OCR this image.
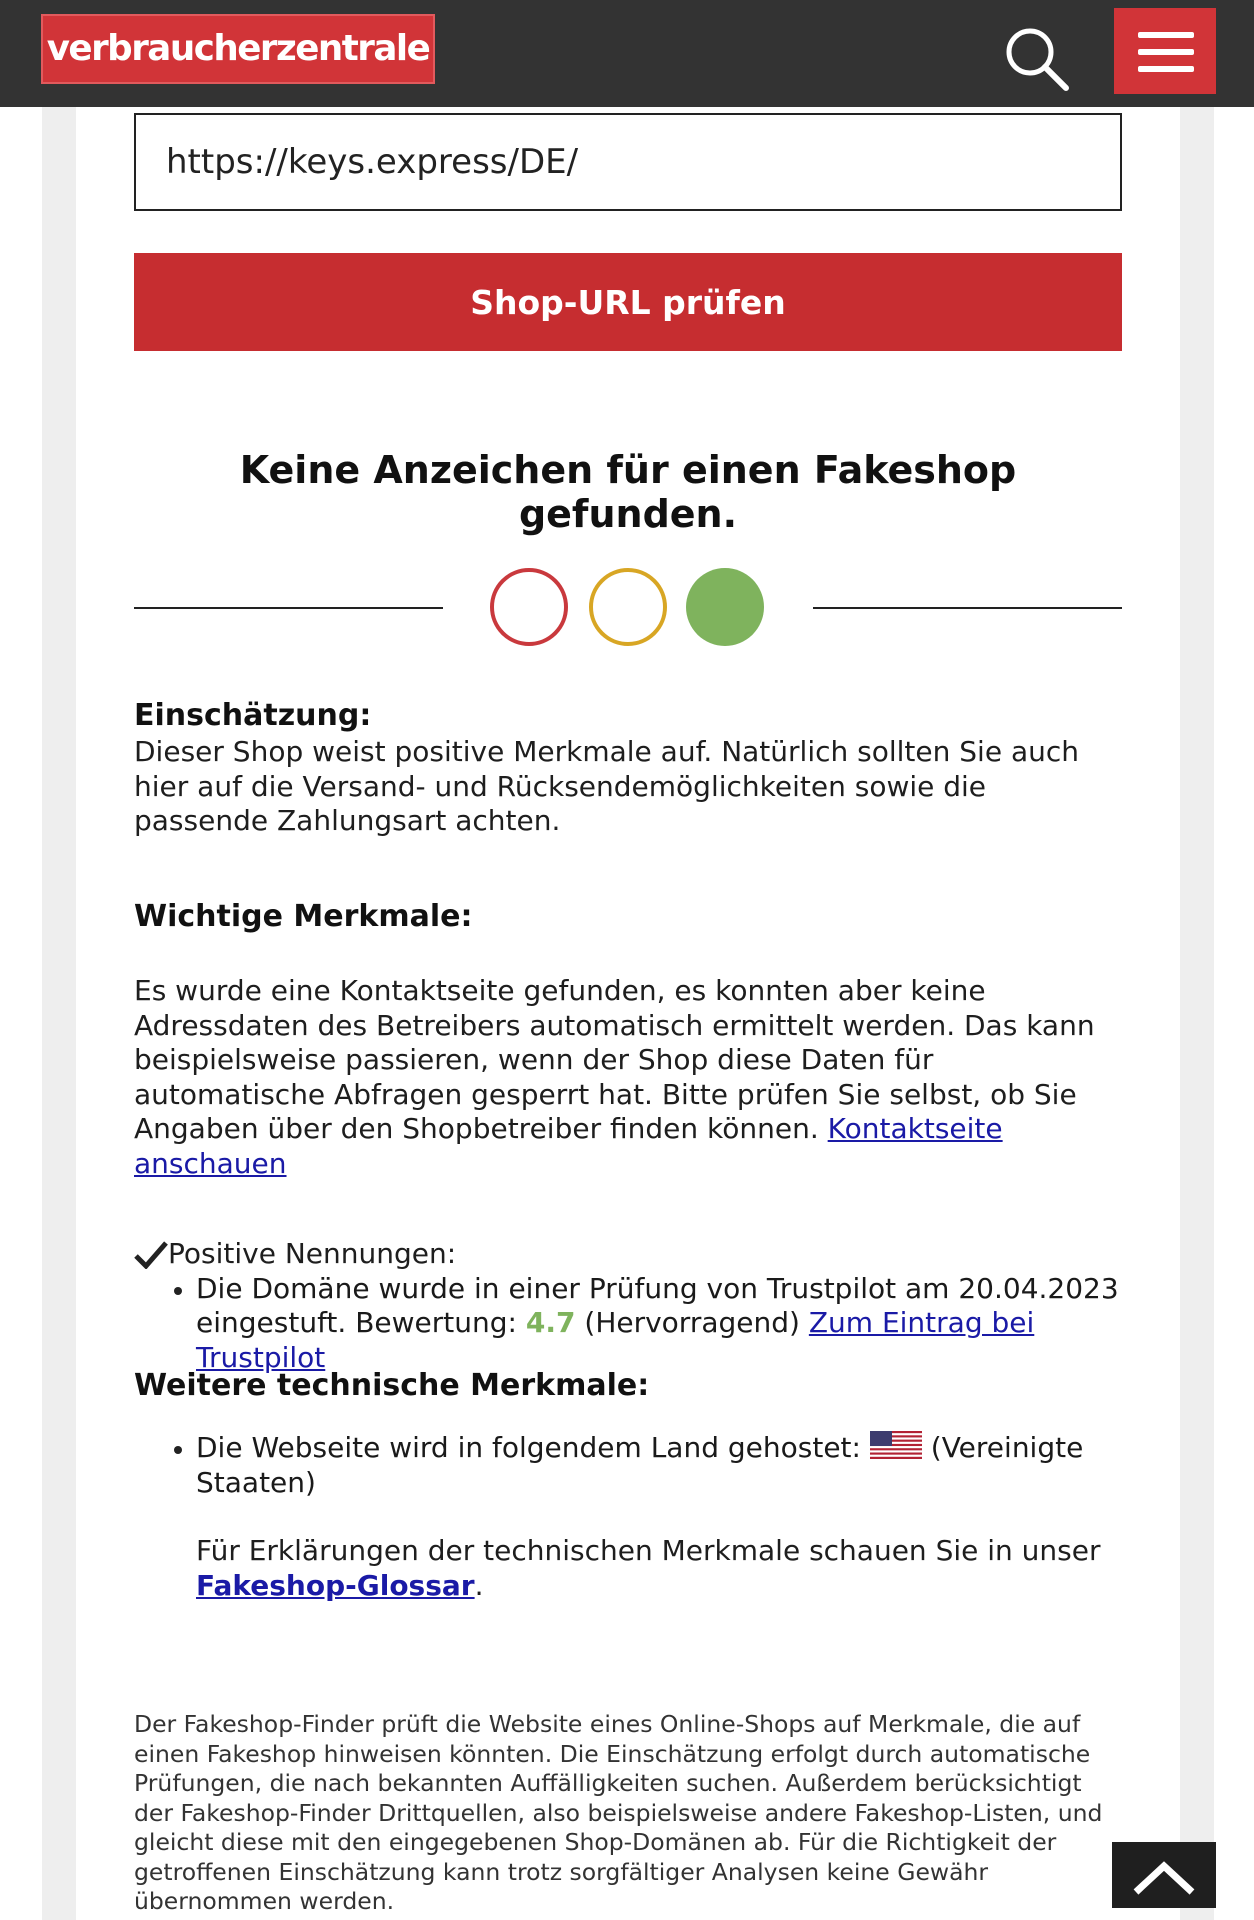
verbraucherzentrale
https://keys.express/DE/
Shop-URL prüfen
Keine Anzeichen für einen Fakeshop gefunden.
Einschätzung:

Dieser Shop weist positive Merkmale auf. Natürlich sollten Sie auch hier auf die Versand- und Rücksendemöglichkeiten sowie die passende Zahlungsart achten.

Wichtige Merkmale:

Es wurde eine Kontaktseite gefunden, es konnten aber keine Adressdaten des Betreibers automatisch ermittelt werden. Das kann beispielsweise passieren, wenn der Shop diese Daten für automatische Abfragen gesperrt hat. Bitte prüfen Sie selbst, ob Sie Angaben über den Shopbetreiber finden können. Kontaktseite anschauen

Positive Nennungen:
Die Domäne wurde in einer Prüfung von Trustpilot am 20.04.2023 eingestuft. Bewertung: 4.7 (Hervorragend) Zum Eintrag bei Trustpilot
Weitere technische Merkmale:
Die Webseite wird in folgendem Land gehostet: (Vereinigte Staaten)

Für Erklärungen der technischen Merkmale schauen Sie in unser Fakeshop-Glossar.

Der Fakeshop-Finder prüft die Website eines Online-Shops auf Merkmale, die auf einen Fakeshop hinweisen könnten. Die Einschätzung erfolgt durch automatische Prüfungen, die nach bekannten Auffälligkeiten suchen. Außerdem berücksichtigt der Fakeshop-Finder Drittquellen, also beispielsweise andere Fakeshop-Listen, und gleicht diese mit den eingegebenen Shop-Domänen ab. Für die Richtigkeit der getroffenen Einschätzung kann trotz sorgfältiger Analysen keine Gewähr übernommen werden.
